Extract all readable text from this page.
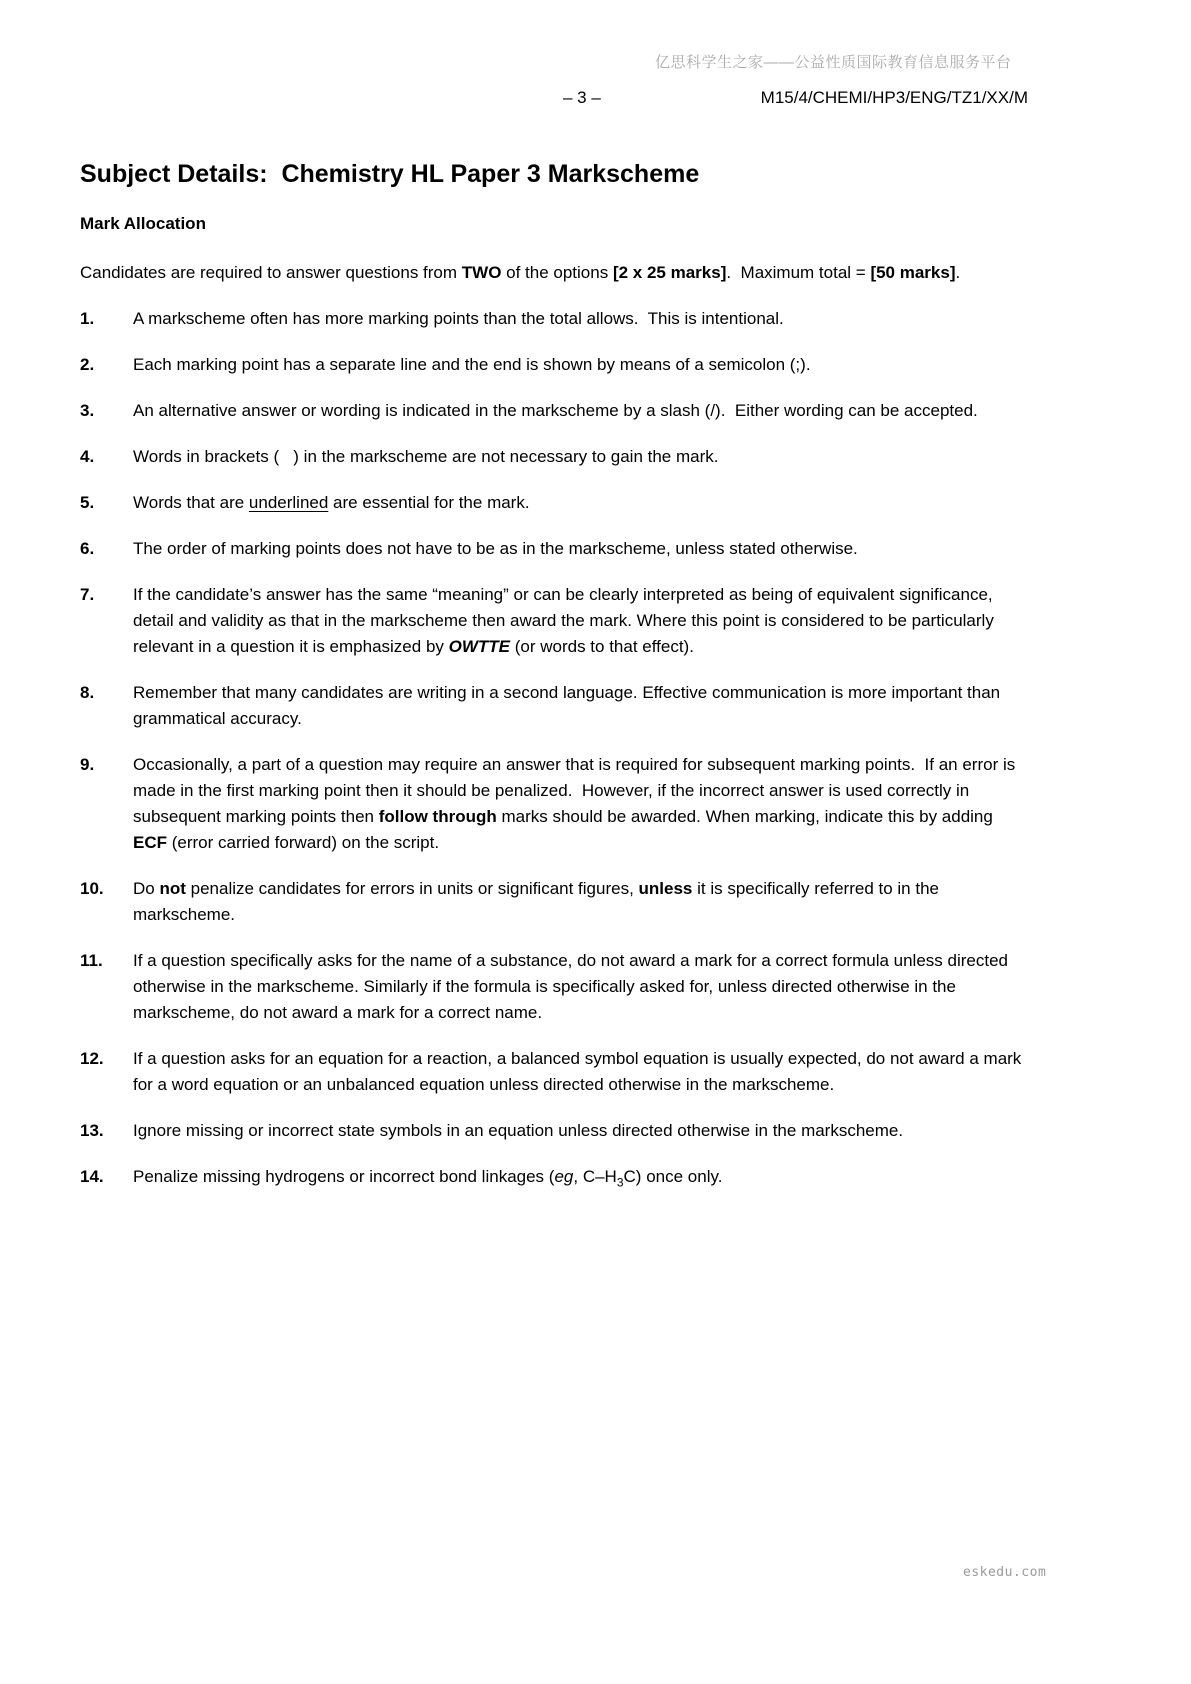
亿思科学生之家——公益性质国际教育信息服务平台
– 3 –	M15/4/CHEMI/HP3/ENG/TZ1/XX/M
Subject Details:  Chemistry HL Paper 3 Markscheme
Mark Allocation

Candidates are required to answer questions from TWO of the options [2 x 25 marks].  Maximum total = [50 marks].

1.	A markscheme often has more marking points than the total allows.  This is intentional.
2.	Each marking point has a separate line and the end is shown by means of a semicolon (;).
3.	An alternative answer or wording is indicated in the markscheme by a slash (/).  Either wording can be accepted.
4.	Words in brackets (   ) in the markscheme are not necessary to gain the mark.
5.	Words that are underlined are essential for the mark.
6.	The order of marking points does not have to be as in the markscheme, unless stated otherwise.
7.	If the candidate’s answer has the same “meaning” or can be clearly interpreted as being of equivalent significance, detail and validity as that in the markscheme then award the mark. Where this point is considered to be particularly relevant in a question it is emphasized by OWTTE (or words to that effect).
8.	Remember that many candidates are writing in a second language. Effective communication is more important than grammatical accuracy.
9.	Occasionally, a part of a question may require an answer that is required for subsequent marking points.  If an error is made in the first marking point then it should be penalized.  However, if the incorrect answer is used correctly in subsequent marking points then follow through marks should be awarded. When marking, indicate this by adding ECF (error carried forward) on the script.
10.	Do not penalize candidates for errors in units or significant figures, unless it is specifically referred to in the markscheme.
11.	If a question specifically asks for the name of a substance, do not award a mark for a correct formula unless directed otherwise in the markscheme. Similarly if the formula is specifically asked for, unless directed otherwise in the markscheme, do not award a mark for a correct name.
12.	If a question asks for an equation for a reaction, a balanced symbol equation is usually expected, do not award a mark for a word equation or an unbalanced equation unless directed otherwise in the markscheme.
13.	Ignore missing or incorrect state symbols in an equation unless directed otherwise in the markscheme.
14.	Penalize missing hydrogens or incorrect bond linkages (eg, $C-H_3C$) once only.
eskedu.com
